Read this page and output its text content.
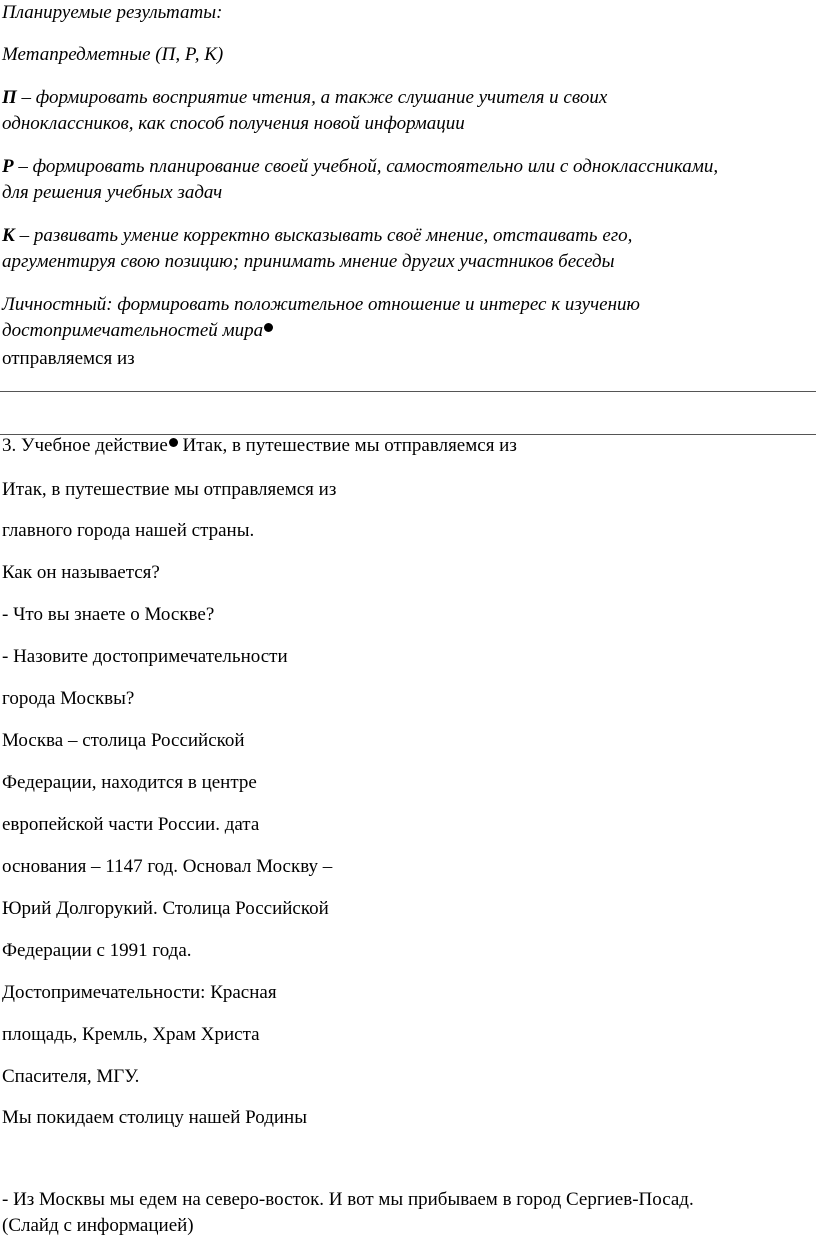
Планируемые результаты:

Метапредметные (П, Р, К)

П – формировать восприятие чтения, а также слушание учителя и своих

одноклассников, как способ получения новой информации

Р – формировать планирование своей учебной, самостоятельно или с одноклассниками,

для решения учебных задач

К – развивать умение корректно высказывать своё мнение, отстаивать его,

аргументируя свою позицию; принимать мнение других участников беседы

Личностный: формировать положительное отношение и интерес к изучению

достопримечательностей мира

отправляемся из

3. Учебное действие Итак, в путешествие мы отправляемся из

Итак, в путешествие мы отправляемся из

главного города нашей страны.

Как он называется?

- Что вы знаете о Москве?

- Назовите достопримечательности

города Москвы?

Москва – столица Российской

Федерации, находится в центре

европейской части России. дата

основания – 1147 год. Основал Москву –

Юрий Долгорукий. Столица Российской

Федерации с 1991 года.

Достопримечательности: Красная

площадь, Кремль, Храм Христа

Спасителя, МГУ.

Мы покидаем столицу нашей Родины

- Из Москвы мы едем на северо-восток. И вот мы прибываем в город Сергиев-Посад.

(Слайд с информацией)
